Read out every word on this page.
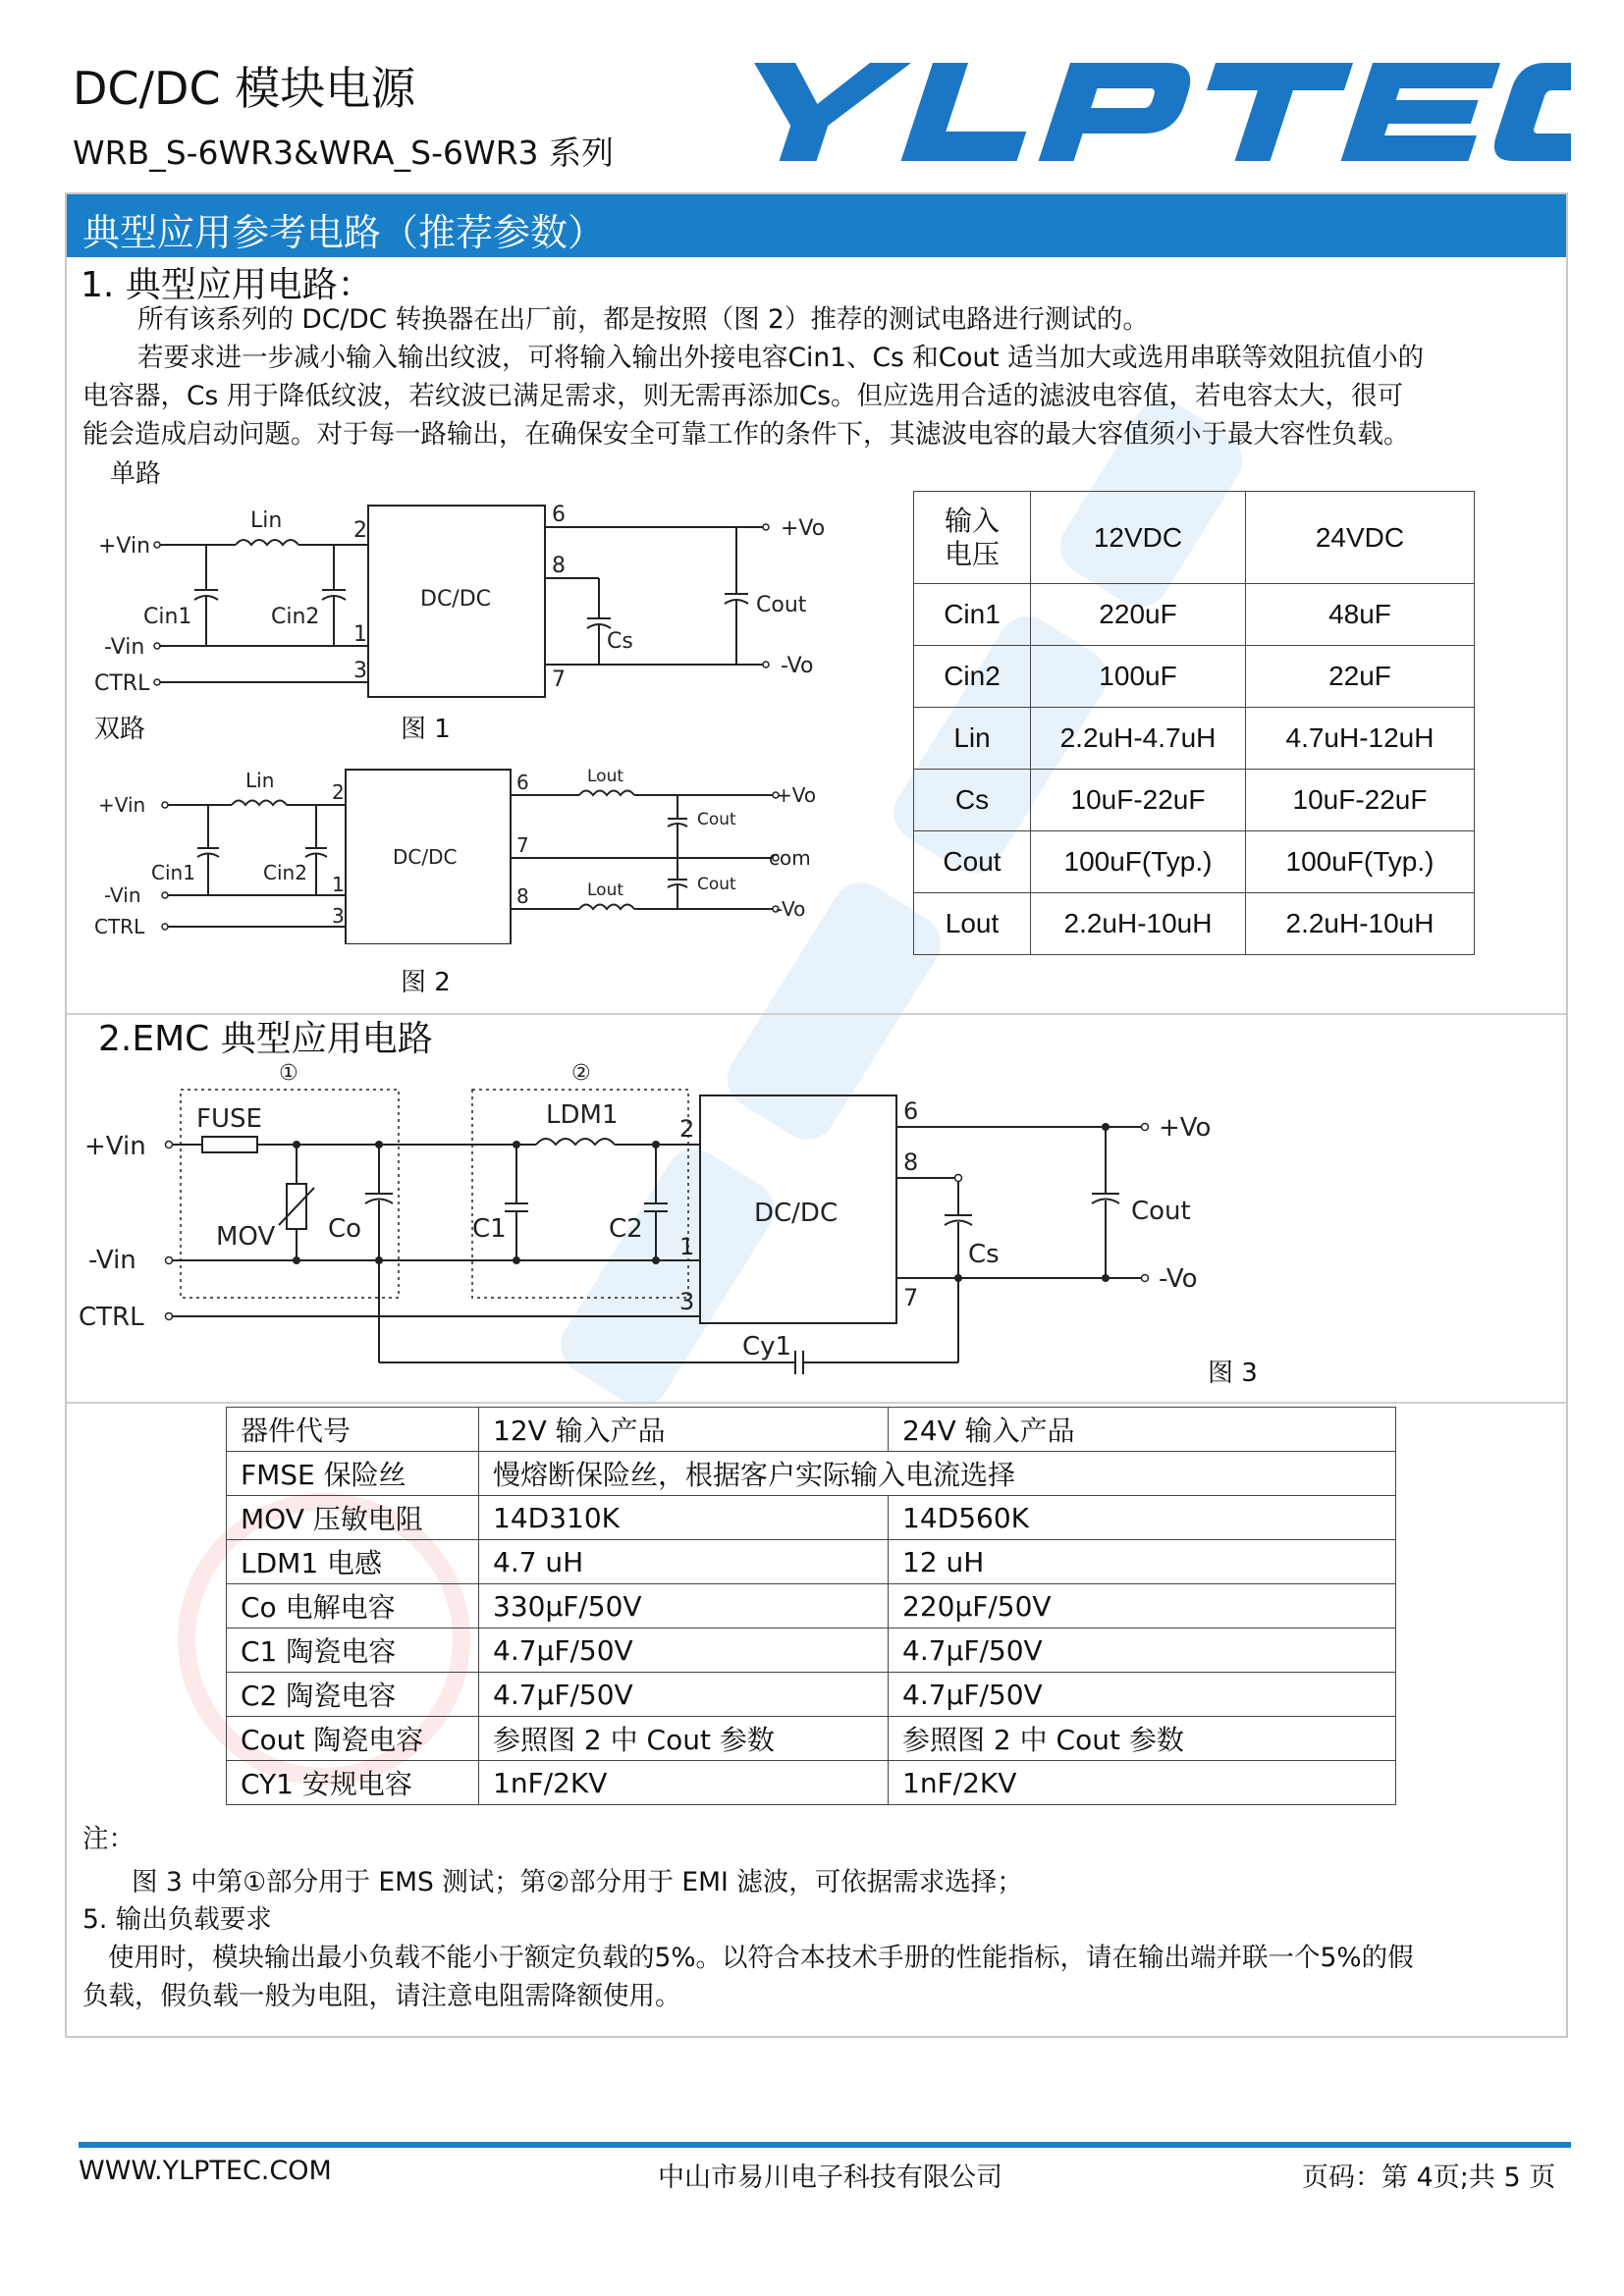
DC/DC 模块电源
WRB_S-6WR3&WRA_S-6WR3 系列
典型应用参考电路（推荐参数）
1. 典型应用电路：
所有该系列的 DC/DC 转换器在出厂前，都是按照（图 2）推荐的测试电路进行测试的。
若要求进一步减小输入输出纹波，可将输入输出外接电容Cin1、Cs 和Cout 适当加大或选用串联等效阻抗值小的
电容器，Cs 用于降低纹波，若纹波已满足需求，则无需再添加Cs。但应选用合适的滤波电容值，若电容太大，很可
能会造成启动问题。对于每一路输出，在确保安全可靠工作的条件下，其滤波电容的最大容值须小于最大容性负载。
单路
双路
+Vin
-Vin
CTRL
Lin
Cin1	Cin2
DC/DC
Cs
Cout
+Vo
-Vo
2
1
3
6
8
7
图 1
+Vin
-Vin
CTRL
Lin
Cin1	Cin2
DC/DC
Lout
Lout
Cout
Cout
+Vo
com
-Vo
2
1
3
6
7
8
图 2
输入
电压	12VDC	24VDC
Cin1	220uF	48uF
Cin2	100uF	22uF
Lin	2.2uH-4.7uH	4.7uH-12uH
Cs	10uF-22uF	10uF-22uF
Cout	100uF(Typ.)	100uF(Typ.)
Lout	2.2uH-10uH	2.2uH-10uH
2.EMC 典型应用电路
①	②
FUSE	LDM1
MOV Co	C1	C2
DC/DC
Cs
Cout
Cy1
+Vin
-Vin
CTRL
+Vo
-Vo
2
1
3
6
8
7
图 3
器件代号	12V 输入产品	24V 输入产品
FMSE 保险丝	慢熔断保险丝，根据客户实际输入电流选择	
MOV 压敏电阻	14D310K	14D560K
LDM1 电感	4.7 uH	12 uH
Co 电解电容	330µF/50V	220µF/50V
C1 陶瓷电容	4.7µF/50V	4.7µF/50V
C2 陶瓷电容	4.7µF/50V	4.7µF/50V
Cout 陶瓷电容	参照图 2 中 Cout 参数	参照图 2 中 Cout 参数
CY1 安规电容	1nF/2KV	1nF/2KV
注：
图 3 中第①部分用于 EMS 测试；第②部分用于 EMI 滤波，可依据需求选择；
5. 输出负载要求
使用时，模块输出最小负载不能小于额定负载的5%。以符合本技术手册的性能指标，请在输出端并联一个5%的假
负载，假负载一般为电阻，请注意电阻需降额使用。
WWW.YLPTEC.COM	中山市易川电子科技有限公司	页码：第 4页;共 5 页
